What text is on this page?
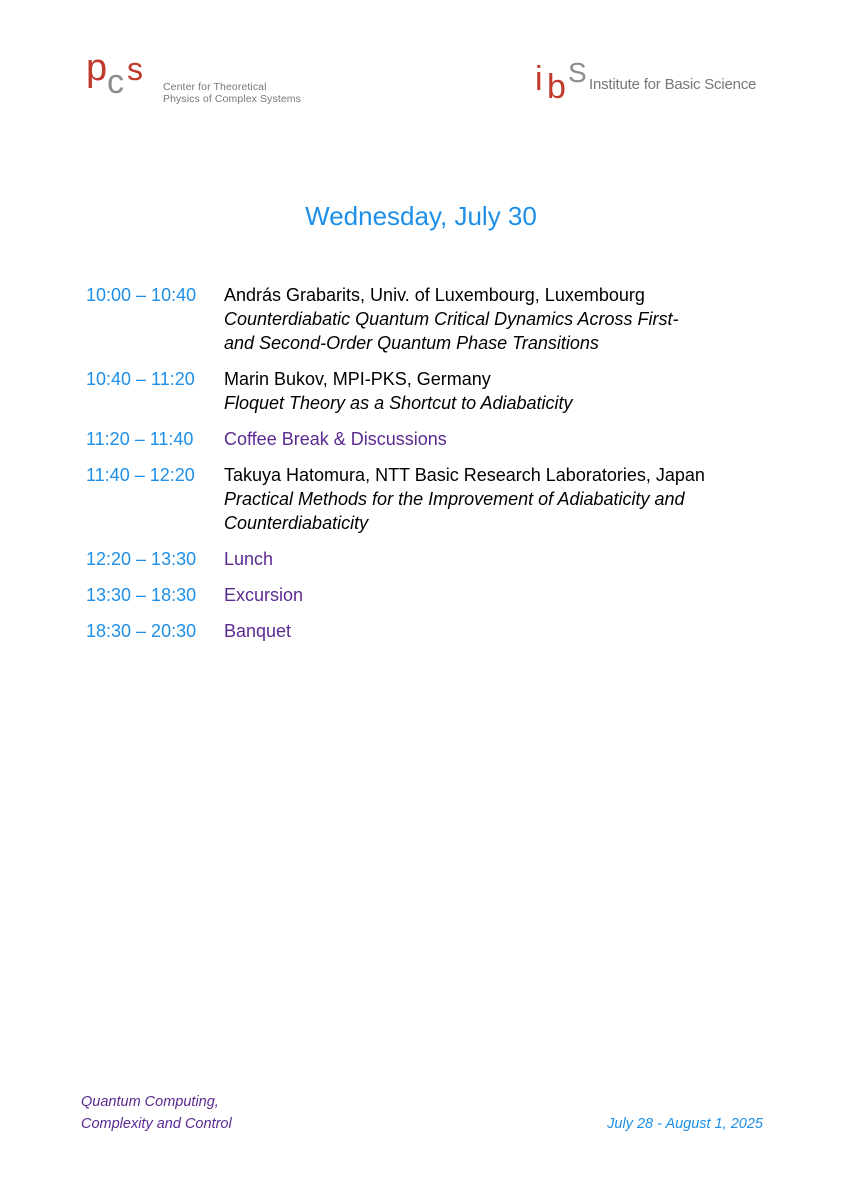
p c s Center for Theoretical
Physics of Complex Systems
i b S Institute for Basic Science
Wednesday, July 30
10:00 – 10:40	András Grabarits, Univ. of Luxembourg, Luxembourg
Counterdiabatic Quantum Critical Dynamics Across First-
and Second-Order Quantum Phase Transitions
10:40 – 11:20	Marin Bukov, MPI-PKS, Germany
Floquet Theory as a Shortcut to Adiabaticity
11:20 – 11:40	Coffee Break & Discussions
11:40 – 12:20	Takuya Hatomura, NTT Basic Research Laboratories, Japan
Practical Methods for the Improvement of Adiabaticity and
Counterdiabaticity
12:20 – 13:30	Lunch
13:30 – 18:30	Excursion
18:30 – 20:30	Banquet
Quantum Computing,
Complexity and Control	July 28 - August 1, 2025
